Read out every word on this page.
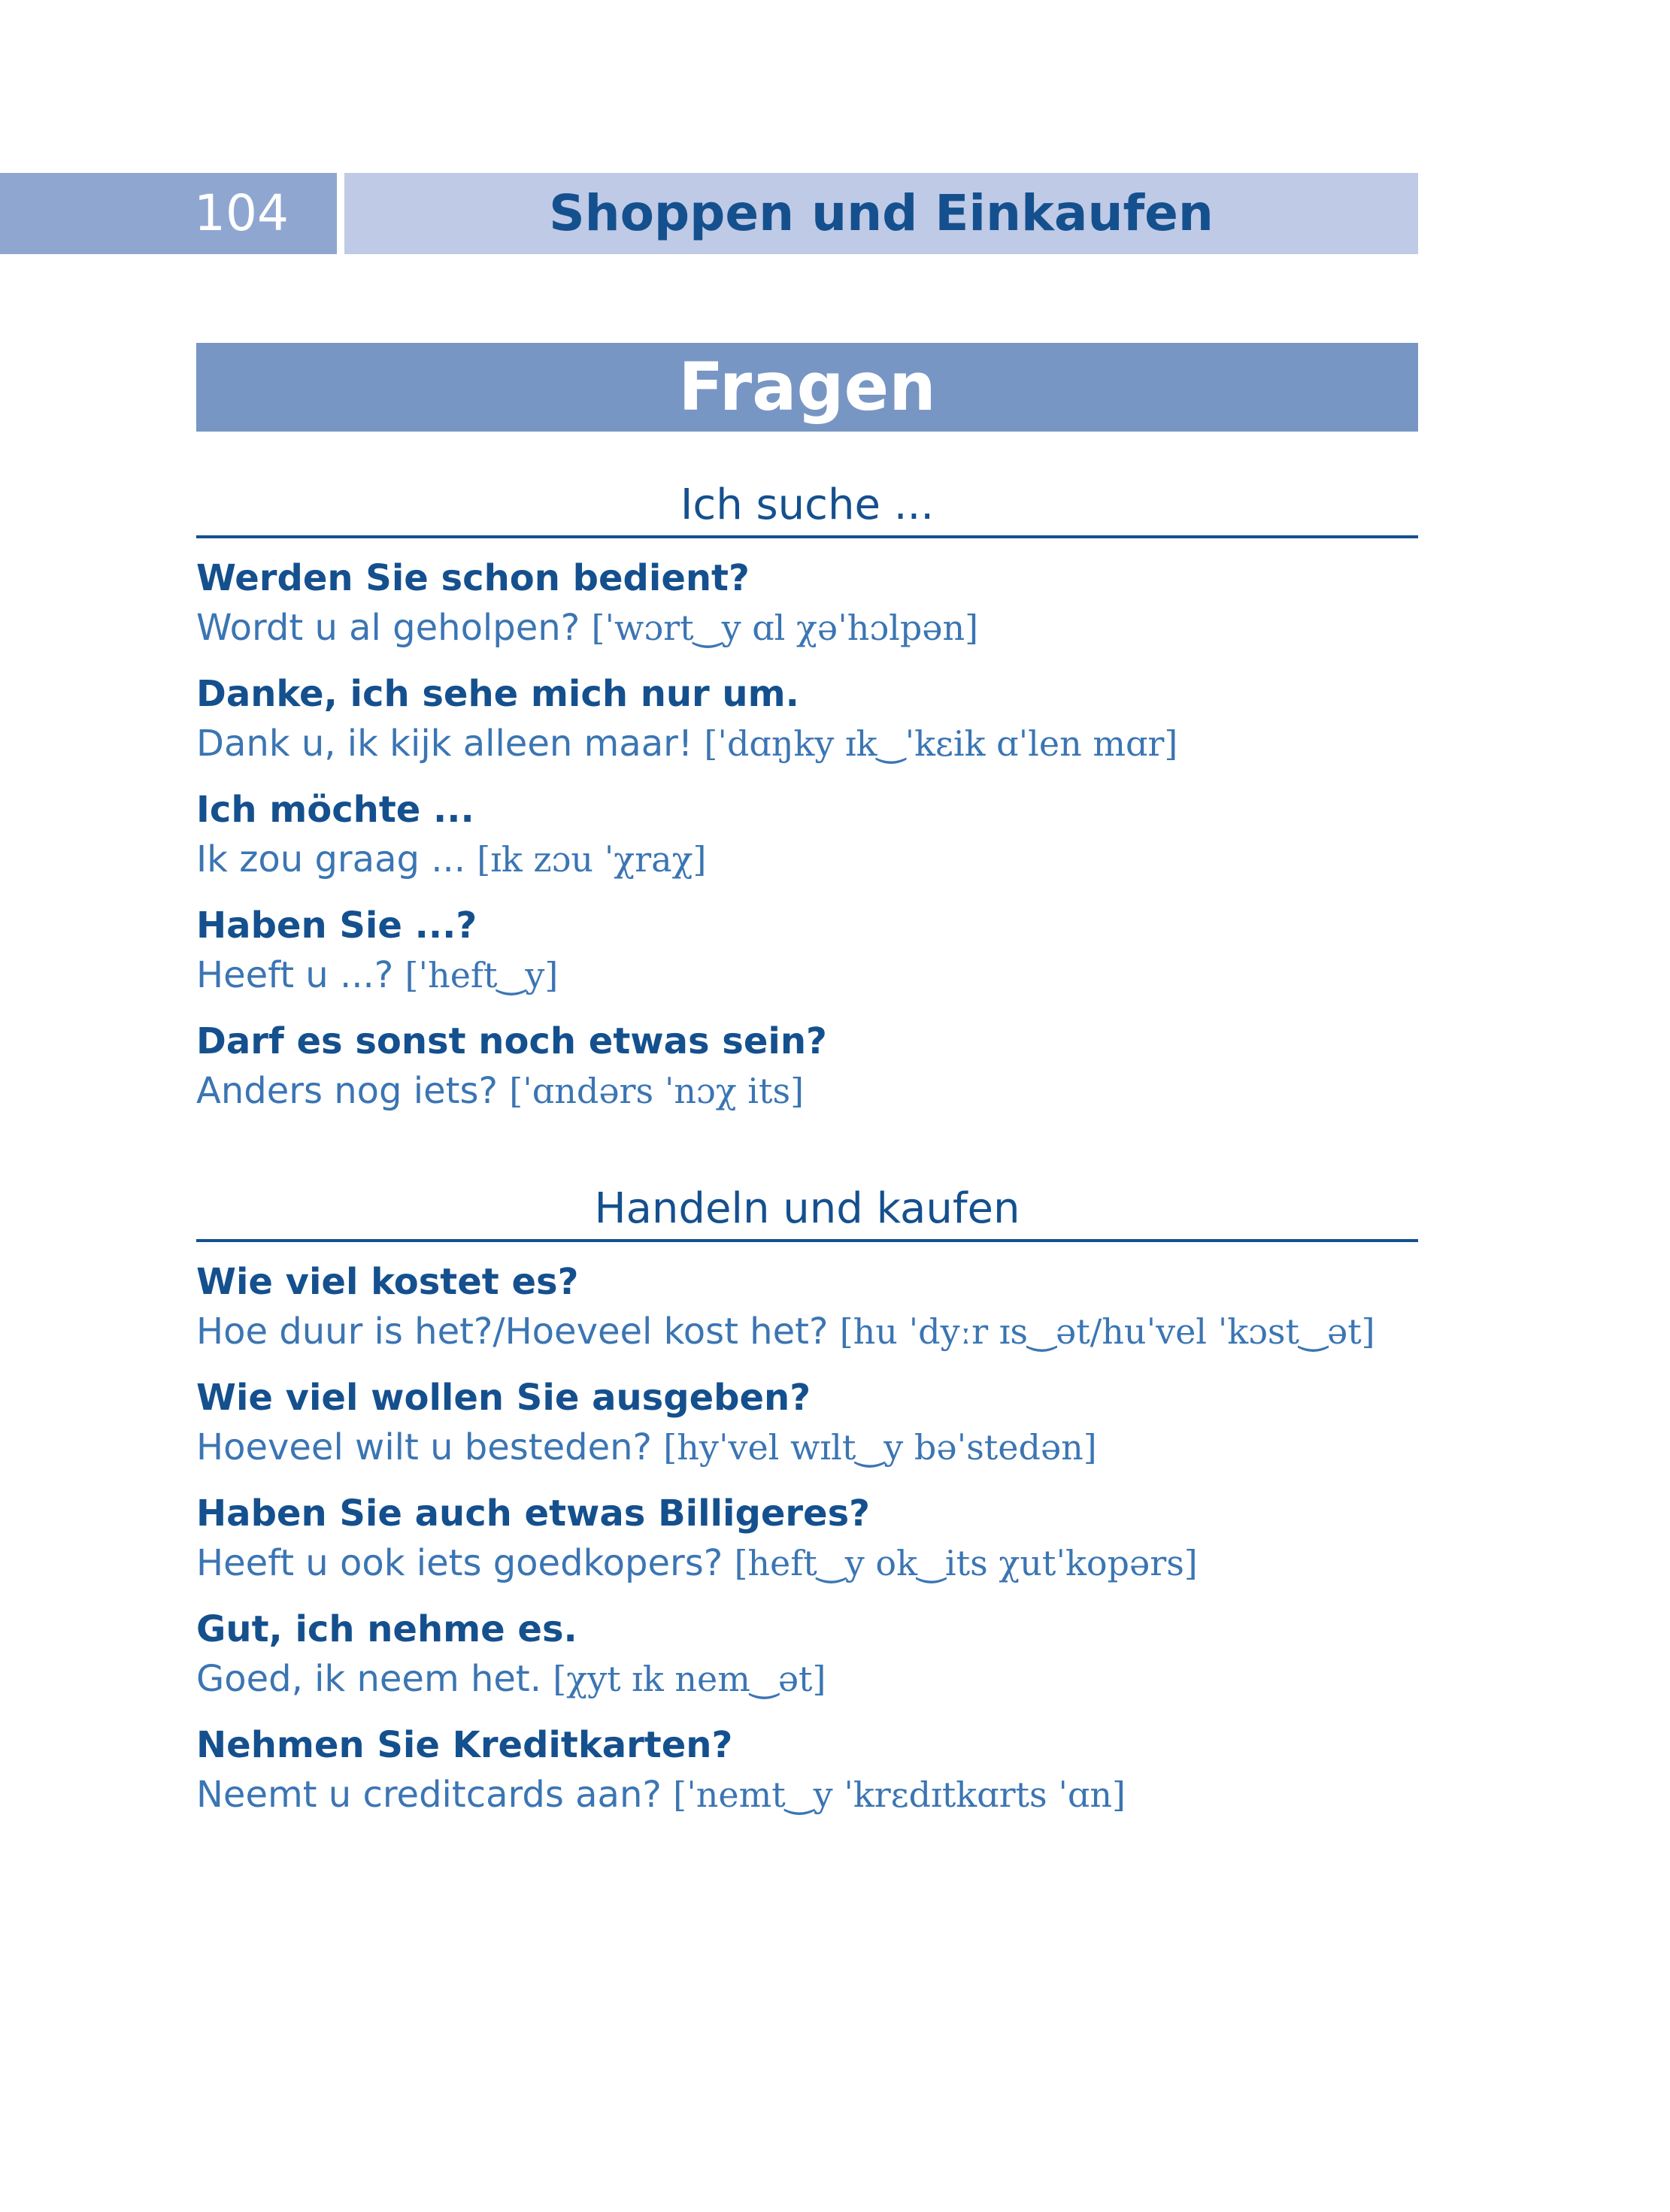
104	Shoppen und Einkaufen
Fragen
Ich suche ...
Werden Sie schon bedient?
Wordt u al geholpen? [ˈwɔrt‿y ɑl χəˈhɔlpən]
Danke, ich sehe mich nur um.
Dank u, ik kijk alleen maar! [ˈdɑŋky ɪk‿ˈkɛik ɑˈlen mɑr]
Ich möchte ...
Ik zou graag ... [ɪk zɔu ˈχraχ]
Haben Sie ...?
Heeft u ...? [ˈheft‿y]
Darf es sonst noch etwas sein?
Anders nog iets? [ˈɑndərs ˈnɔχ its]
Handeln und kaufen
Wie viel kostet es?
Hoe duur is het?/Hoeveel kost het? [hu ˈdyːr ɪs‿ət/huˈvel ˈkɔst‿ət]
Wie viel wollen Sie ausgeben?
Hoeveel wilt u besteden? [hyˈvel wɪlt‿y bəˈstedən]
Haben Sie auch etwas Billigeres?
Heeft u ook iets goedkopers? [heft‿y ok‿its χutˈkopərs]
Gut, ich nehme es.
Goed, ik neem het. [χyt ɪk nem‿ət]
Nehmen Sie Kreditkarten?
Neemt u creditcards aan? [ˈnemt‿y ˈkrɛdɪtkɑrts ˈɑn]
